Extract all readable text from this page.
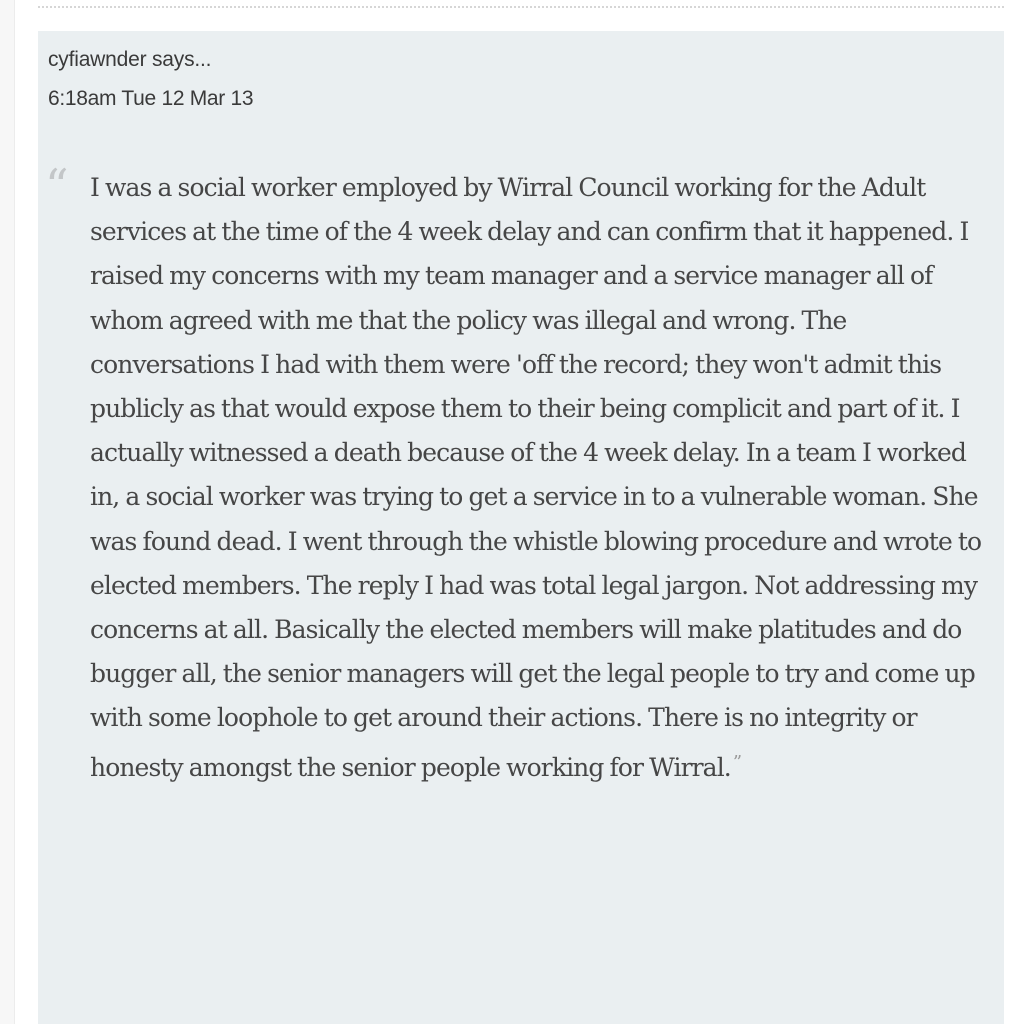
cyfiawnder says...
6:18am Tue 12 Mar 13
“ I was a social worker employed by Wirral Council working for the Adult services at the time of the 4 week delay and can confirm that it happened. I raised my concerns with my team manager and a service manager all of whom agreed with me that the policy was illegal and wrong. The conversations I had with them were 'off the record; they won't admit this publicly as that would expose them to their being complicit and part of it. I actually witnessed a death because of the 4 week delay. In a team I worked in, a social worker was trying to get a service in to a vulnerable woman. She was found dead. I went through the whistle blowing procedure and wrote to elected members. The reply I had was total legal jargon. Not addressing my concerns at all. Basically the elected members will make platitudes and do bugger all, the senior managers will get the legal people to try and come up with some loophole to get around their actions. There is no integrity or honesty amongst the senior people working for Wirral. ”
